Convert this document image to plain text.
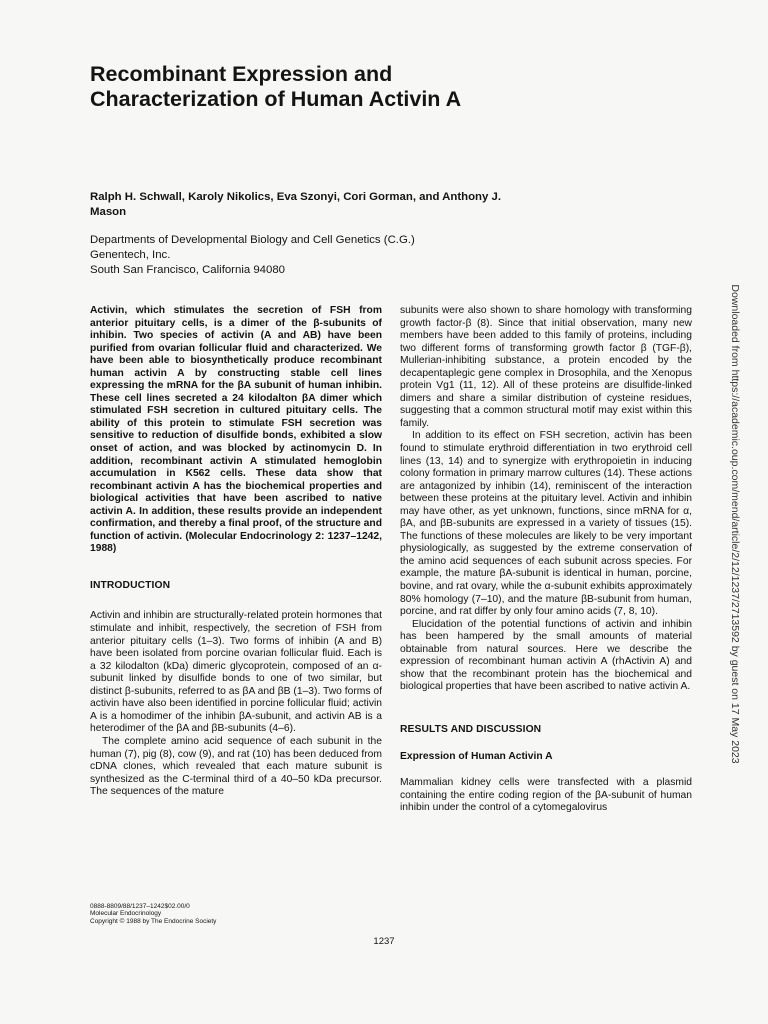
Recombinant Expression and
Characterization of Human Activin A
Ralph H. Schwall, Karoly Nikolics, Eva Szonyi, Cori Gorman, and Anthony J. Mason
Departments of Developmental Biology and Cell Genetics (C.G.)
Genentech, Inc.
South San Francisco, California 94080

Activin, which stimulates the secretion of FSH from anterior pituitary cells, is a dimer of the β-subunits of inhibin. Two species of activin (A and AB) have been purified from ovarian follicular fluid and characterized. We have been able to biosynthetically produce recombinant human activin A by constructing stable cell lines expressing the mRNA for the βA subunit of human inhibin. These cell lines secreted a 24 kilodalton βA dimer which stimulated FSH secretion in cultured pituitary cells. The ability of this protein to stimulate FSH secretion was sensitive to reduction of disulfide bonds, exhibited a slow onset of action, and was blocked by actinomycin D. In addition, recombinant activin A stimulated hemoglobin accumulation in K562 cells. These data show that recombinant activin A has the biochemical properties and biological activities that have been ascribed to native activin A. In addition, these results provide an independent confirmation, and thereby a final proof, of the structure and function of activin. (Molecular Endocrinology 2: 1237–1242, 1988)

INTRODUCTION

Activin and inhibin are structurally-related protein hormones that stimulate and inhibit, respectively, the secretion of FSH from anterior pituitary cells (1–3). Two forms of inhibin (A and B) have been isolated from porcine ovarian follicular fluid. Each is a 32 kilodalton (kDa) dimeric glycoprotein, composed of an α-subunit linked by disulfide bonds to one of two similar, but distinct β-subunits, referred to as βA and βB (1–3). Two forms of activin have also been identified in porcine follicular fluid; activin A is a homodimer of the inhibin βA-subunit, and activin AB is a heterodimer of the βA and βB-subunits (4–6).

The complete amino acid sequence of each subunit in the human (7), pig (8), cow (9), and rat (10) has been deduced from cDNA clones, which revealed that each mature subunit is synthesized as the C-terminal third of a 40–50 kDa precursor. The sequences of the mature

subunits were also shown to share homology with transforming growth factor-β (8). Since that initial observation, many new members have been added to this family of proteins, including two different forms of transforming growth factor β (TGF-β), Mullerian-inhibiting substance, a protein encoded by the decapentaplegic gene complex in Drosophila, and the Xenopus protein Vg1 (11, 12). All of these proteins are disulfide-linked dimers and share a similar distribution of cysteine residues, suggesting that a common structural motif may exist within this family.

In addition to its effect on FSH secretion, activin has been found to stimulate erythroid differentiation in two erythroid cell lines (13, 14) and to synergize with erythropoietin in inducing colony formation in primary marrow cultures (14). These actions are antagonized by inhibin (14), reminiscent of the interaction between these proteins at the pituitary level. Activin and inhibin may have other, as yet unknown, functions, since mRNA for α, βA, and βB-subunits are expressed in a variety of tissues (15). The functions of these molecules are likely to be very important physiologically, as suggested by the extreme conservation of the amino acid sequences of each subunit across species. For example, the mature βA-subunit is identical in human, porcine, bovine, and rat ovary, while the α-subunit exhibits approximately 80% homology (7–10), and the mature βB-subunit from human, porcine, and rat differ by only four amino acids (7, 8, 10).

Elucidation of the potential functions of activin and inhibin has been hampered by the small amounts of material obtainable from natural sources. Here we describe the expression of recombinant human activin A (rhActivin A) and show that the recombinant protein has the biochemical and biological properties that have been ascribed to native activin A.

RESULTS AND DISCUSSION

Expression of Human Activin A

Mammalian kidney cells were transfected with a plasmid containing the entire coding region of the βA-subunit of human inhibin under the control of a cytomegalovirus

0888-8809/88/1237–1242$02.00/0
Molecular Endocrinology
Copyright © 1988 by The Endocrine Society
1237
Downloaded from https://academic.oup.com/mend/article/2/12/1237/2713592 by guest on 17 May 2023
